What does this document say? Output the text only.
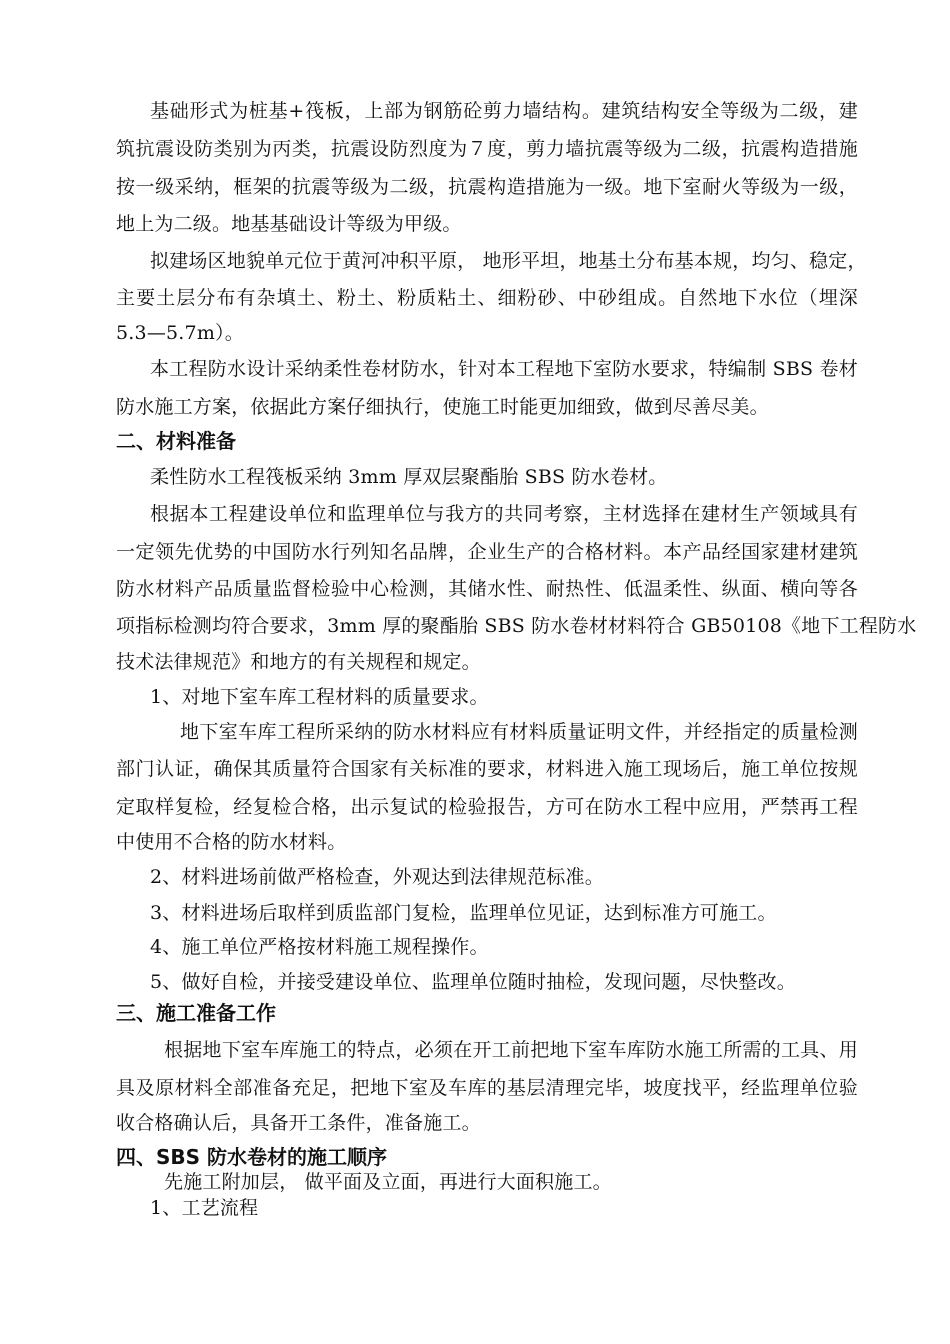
基础形式为桩基+筏板，上部为钢筋砼剪力墙结构。建筑结构安全等级为二级，建
筑抗震设防类别为丙类，抗震设防烈度为７度，剪力墙抗震等级为二级，抗震构造措施
按一级采纳，框架的抗震等级为二级，抗震构造措施为一级。地下室耐火等级为一级，
地上为二级。地基基础设计等级为甲级。
拟建场区地貌单元位于黄河冲积平原， 地形平坦，地基土分布基本规，均匀、稳定，
主要土层分布有杂填土、粉土、粉质粘土、细粉砂、中砂组成。自然地下水位（埋深
5.3—5.7m）。
本工程防水设计采纳柔性卷材防水，针对本工程地下室防水要求，特编制 SBS 卷材
防水施工方案，依据此方案仔细执行，使施工时能更加细致，做到尽善尽美。
二、材料准备
柔性防水工程筏板采纳 3mm 厚双层聚酯胎 SBS 防水卷材。
根据本工程建设单位和监理单位与我方的共同考察，主材选择在建材生产领域具有
一定领先优势的中国防水行列知名品牌，企业生产的合格材料。本产品经国家建材建筑
防水材料产品质量监督检验中心检测，其储水性、耐热性、低温柔性、纵面、横向等各
项指标检测均符合要求，3mm 厚的聚酯胎 SBS 防水卷材材料符合 GB50108《地下工程防水
技术法律规范》和地方的有关规程和规定。
1、对地下室车库工程材料的质量要求。
地下室车库工程所采纳的防水材料应有材料质量证明文件，并经指定的质量检测
部门认证，确保其质量符合国家有关标准的要求，材料进入施工现场后，施工单位按规
定取样复检，经复检合格，出示复试的检验报告，方可在防水工程中应用，严禁再工程
中使用不合格的防水材料。
2、材料进场前做严格检查，外观达到法律规范标准。
3、材料进场后取样到质监部门复检，监理单位见证，达到标准方可施工。
4、施工单位严格按材料施工规程操作。
5、做好自检，并接受建设单位、监理单位随时抽检，发现问题，尽快整改。
三、施工准备工作
根据地下室车库施工的特点，必须在开工前把地下室车库防水施工所需的工具、用
具及原材料全部准备充足，把地下室及车库的基层清理完毕，坡度找平，经监理单位验
收合格确认后，具备开工条件，准备施工。
四、SBS 防水卷材的施工顺序
先施工附加层， 做平面及立面，再进行大面积施工。
1、工艺流程
